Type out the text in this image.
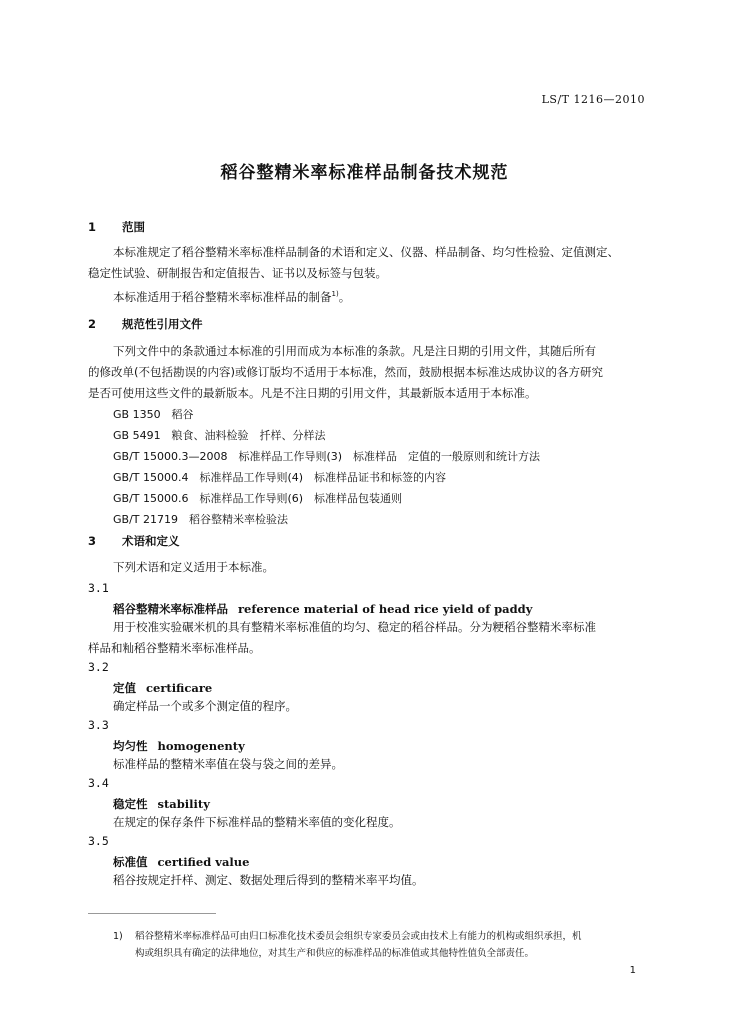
LS/T 1216—2010
稻谷整精米率标准样品制备技术规范
1 范围
本标准规定了稻谷整精米率标准样品制备的术语和定义、仪器、样品制备、均匀性检验、定值测定、
稳定性试验、研制报告和定值报告、证书以及标签与包装。
本标准适用于稻谷整精米率标准样品的制备$^{1)}$。
2 规范性引用文件
下列文件中的条款通过本标准的引用而成为本标准的条款。凡是注日期的引用文件，其随后所有
的修改单(不包括勘误的内容)或修订版均不适用于本标准，然而，鼓励根据本标准达成协议的各方研究
是否可使用这些文件的最新版本。凡是不注日期的引用文件，其最新版本适用于本标准。
GB 1350　稻谷
GB 5491　粮食、油料检验　扦样、分样法
GB/T 15000.3—2008　标准样品工作导则(3)　标准样品　定值的一般原则和统计方法
GB/T 15000.4　标准样品工作导则(4)　标准样品证书和标签的内容
GB/T 15000.6　标准样品工作导则(6)　标准样品包装通则
GB/T 21719　稻谷整精米率检验法
3 术语和定义
下列术语和定义适用于本标准。
3.1
稻谷整精米率标准样品 reference material of head rice yield of paddy
用于校准实验碾米机的具有整精米率标准值的均匀、稳定的稻谷样品。分为粳稻谷整精米率标准
样品和籼稻谷整精米率标准样品。
3.2
定值 certificare
确定样品一个或多个测定值的程序。
3.3
均匀性 homogenenty
标准样品的整精米率值在袋与袋之间的差异。
3.4
稳定性 stability
在规定的保存条件下标准样品的整精米率值的变化程度。
3.5
标准值 certified value
稻谷按规定扦样、测定、数据处理后得到的整精米率平均值。
1) 稻谷整精米率标准样品可由归口标准化技术委员会组织专家委员会或由技术上有能力的机构或组织承担，机
构或组织具有确定的法律地位，对其生产和供应的标准样品的标准值或其他特性值负全部责任。
1
